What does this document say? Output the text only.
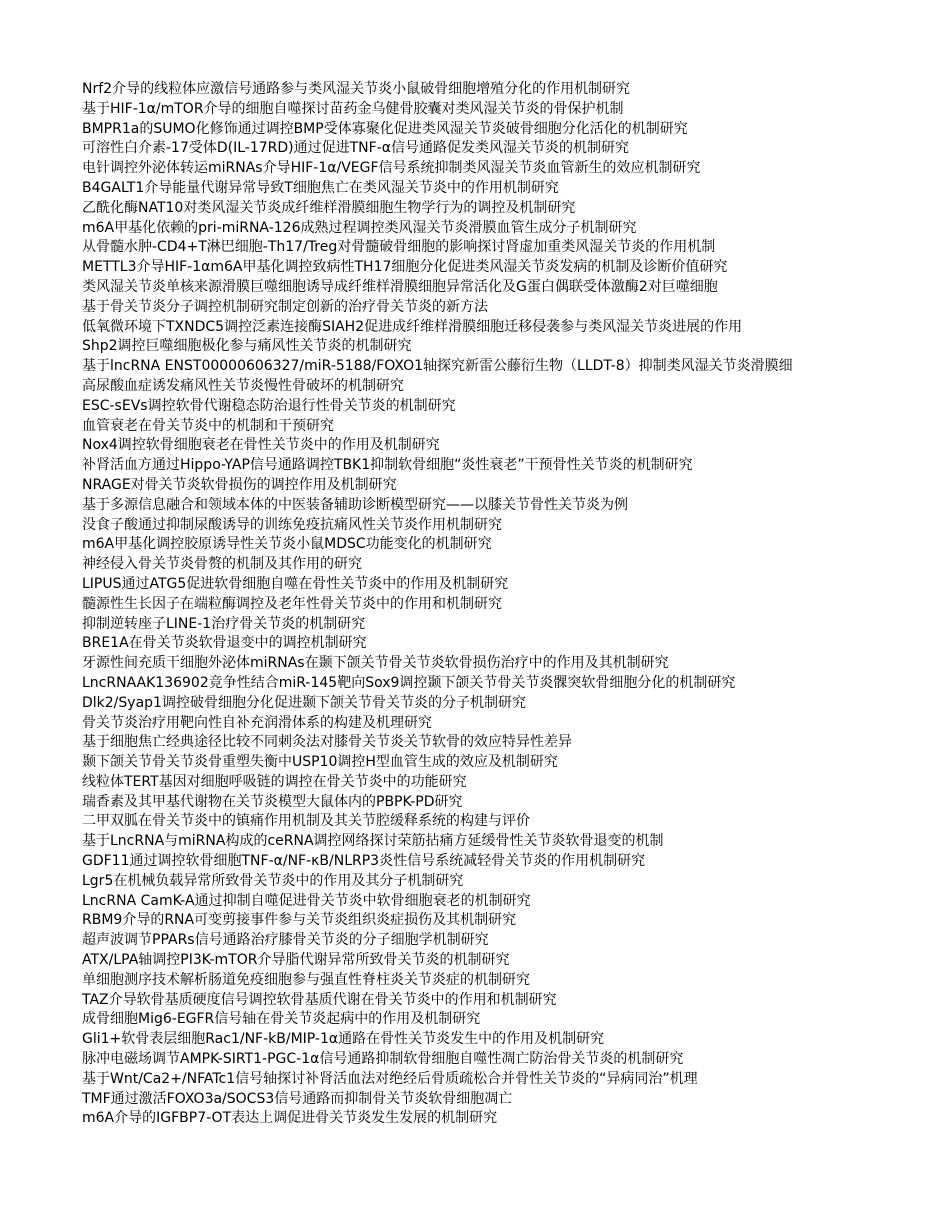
Nrf2介导的线粒体应激信号通路参与类风湿关节炎小鼠破骨细胞增殖分化的作用机制研究
基于HIF-1α/mTOR介导的细胞自噬探讨苗药金乌健骨胶囊对类风湿关节炎的骨保护机制
BMPR1a的SUMO化修饰通过调控BMP受体寡聚化促进类风湿关节炎破骨细胞分化活化的机制研究
可溶性白介素-17受体D(IL-17RD)通过促进TNF-α信号通路促发类风湿关节炎的机制研究
电针调控外泌体转运miRNAs介导HIF-1α/VEGF信号系统抑制类风湿关节炎血管新生的效应机制研究
B4GALT1介导能量代谢异常导致T细胞焦亡在类风湿关节炎中的作用机制研究
乙酰化酶NAT10对类风湿关节炎成纤维样滑膜细胞生物学行为的调控及机制研究
m6A甲基化依赖的pri-miRNA-126成熟过程调控类风湿关节炎滑膜血管生成分子机制研究
从骨髓水肿-CD4+T淋巴细胞-Th17/Treg对骨髓破骨细胞的影响探讨肾虚加重类风湿关节炎的作用机制
METTL3介导HIF-1αm6A甲基化调控致病性TH17细胞分化促进类风湿关节炎发病的机制及诊断价值研究
类风湿关节炎单核来源滑膜巨噬细胞诱导成纤维样滑膜细胞异常活化及G蛋白偶联受体激酶2对巨噬细胞
基于骨关节炎分子调控机制研究制定创新的治疗骨关节炎的新方法
低氧微环境下TXNDC5调控泛素连接酶SIAH2促进成纤维样滑膜细胞迁移侵袭参与类风湿关节炎进展的作用
Shp2调控巨噬细胞极化参与痛风性关节炎的机制研究
基于lncRNA ENST00000606327/miR-5188/FOXO1轴探究新雷公藤衍生物（LLDT-8）抑制类风湿关节炎滑膜细
高尿酸血症诱发痛风性关节炎慢性骨破坏的机制研究
ESC-sEVs调控软骨代谢稳态防治退行性骨关节炎的机制研究
血管衰老在骨关节炎中的机制和干预研究
Nox4调控软骨细胞衰老在骨性关节炎中的作用及机制研究
补肾活血方通过Hippo-YAP信号通路调控TBK1抑制软骨细胞“炎性衰老”干预骨性关节炎的机制研究
NRAGE对骨关节炎软骨损伤的调控作用及机制研究
基于多源信息融合和领域本体的中医装备辅助诊断模型研究——以膝关节骨性关节炎为例
没食子酸通过抑制尿酸诱导的训练免疫抗痛风性关节炎作用机制研究
m6A甲基化调控胶原诱导性关节炎小鼠MDSC功能变化的机制研究
神经侵入骨关节炎骨赘的机制及其作用的研究
LIPUS通过ATG5促进软骨细胞自噬在骨性关节炎中的作用及机制研究
髓源性生长因子在端粒酶调控及老年性骨关节炎中的作用和机制研究
抑制逆转座子LINE-1治疗骨关节炎的机制研究
BRE1A在骨关节炎软骨退变中的调控机制研究
牙源性间充质干细胞外泌体miRNAs在颞下颌关节骨关节炎软骨损伤治疗中的作用及其机制研究
LncRNAAK136902竞争性结合miR-145靶向Sox9调控颞下颌关节骨关节炎髁突软骨细胞分化的机制研究
Dlk2/Syap1调控破骨细胞分化促进颞下颌关节骨关节炎的分子机制研究
骨关节炎治疗用靶向性自补充润滑体系的构建及机理研究
基于细胞焦亡经典途径比较不同刺灸法对膝骨关节炎关节软骨的效应特异性差异
颞下颌关节骨关节炎骨重塑失衡中USP10调控H型血管生成的效应及机制研究
线粒体TERT基因对细胞呼吸链的调控在骨关节炎中的功能研究
瑞香素及其甲基代谢物在关节炎模型大鼠体内的PBPK-PD研究
二甲双胍在骨关节炎中的镇痛作用机制及其关节腔缓释系统的构建与评价
基于LncRNA与miRNA构成的ceRNA调控网络探讨荣筋拈痛方延缓骨性关节炎软骨退变的机制
GDF11通过调控软骨细胞TNF-α/NF-κB/NLRP3炎性信号系统减轻骨关节炎的作用机制研究
Lgr5在机械负载异常所致骨关节炎中的作用及其分子机制研究
LncRNA CamK-A通过抑制自噬促进骨关节炎中软骨细胞衰老的机制研究
RBM9介导的RNA可变剪接事件参与关节炎组织炎症损伤及其机制研究
超声波调节PPARs信号通路治疗膝骨关节炎的分子细胞学机制研究
ATX/LPA轴调控PI3K-mTOR介导脂代谢异常所致骨关节炎的机制研究
单细胞测序技术解析肠道免疫细胞参与强直性脊柱炎关节炎症的机制研究
TAZ介导软骨基质硬度信号调控软骨基质代谢在骨关节炎中的作用和机制研究
成骨细胞Mig6-EGFR信号轴在骨关节炎起病中的作用及机制研究
Gli1+软骨表层细胞Rac1/NF-kB/MIP-1α通路在骨性关节炎发生中的作用及机制研究
脉冲电磁场调节AMPK-SIRT1-PGC-1α信号通路抑制软骨细胞自噬性凋亡防治骨关节炎的机制研究
基于Wnt/Ca2+/NFATc1信号轴探讨补肾活血法对绝经后骨质疏松合并骨性关节炎的“异病同治”机理
TMF通过激活FOXO3a/SOCS3信号通路而抑制骨关节炎软骨细胞凋亡
m6A介导的IGFBP7-OT表达上调促进骨关节炎发生发展的机制研究
